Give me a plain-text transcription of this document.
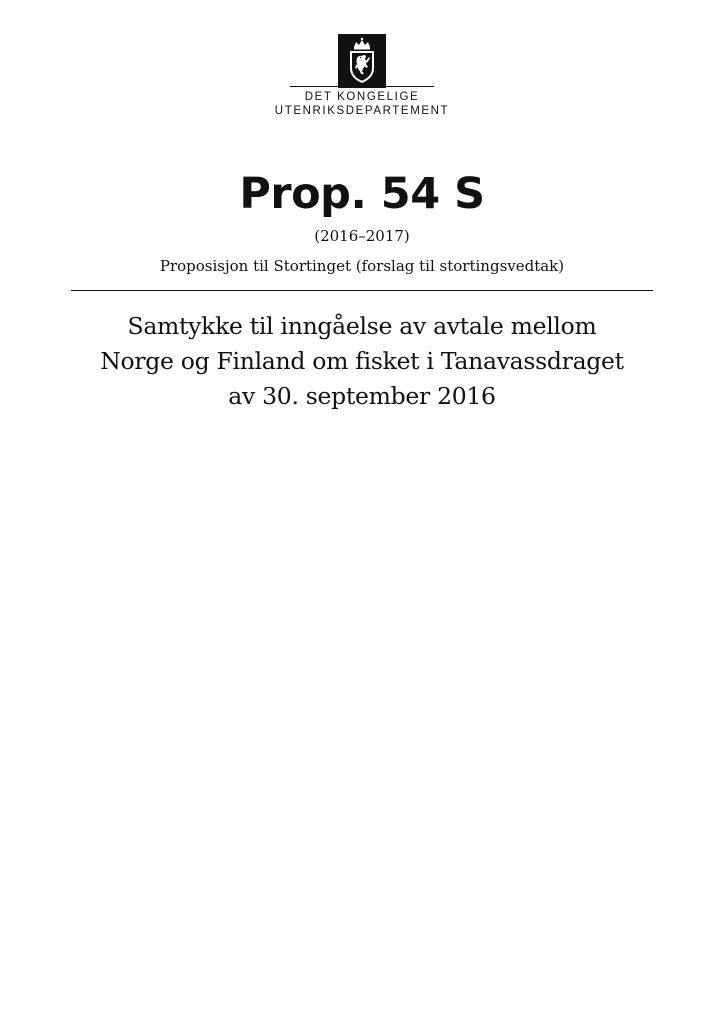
DET KONGELIGE
UTENRIKSDEPARTEMENT
Prop. 54 S
(2016–2017)
Proposisjon til Stortinget (forslag til stortingsvedtak)
Samtykke til inngåelse av avtale mellom
Norge og Finland om fisket i Tanavassdraget
av 30. september 2016
